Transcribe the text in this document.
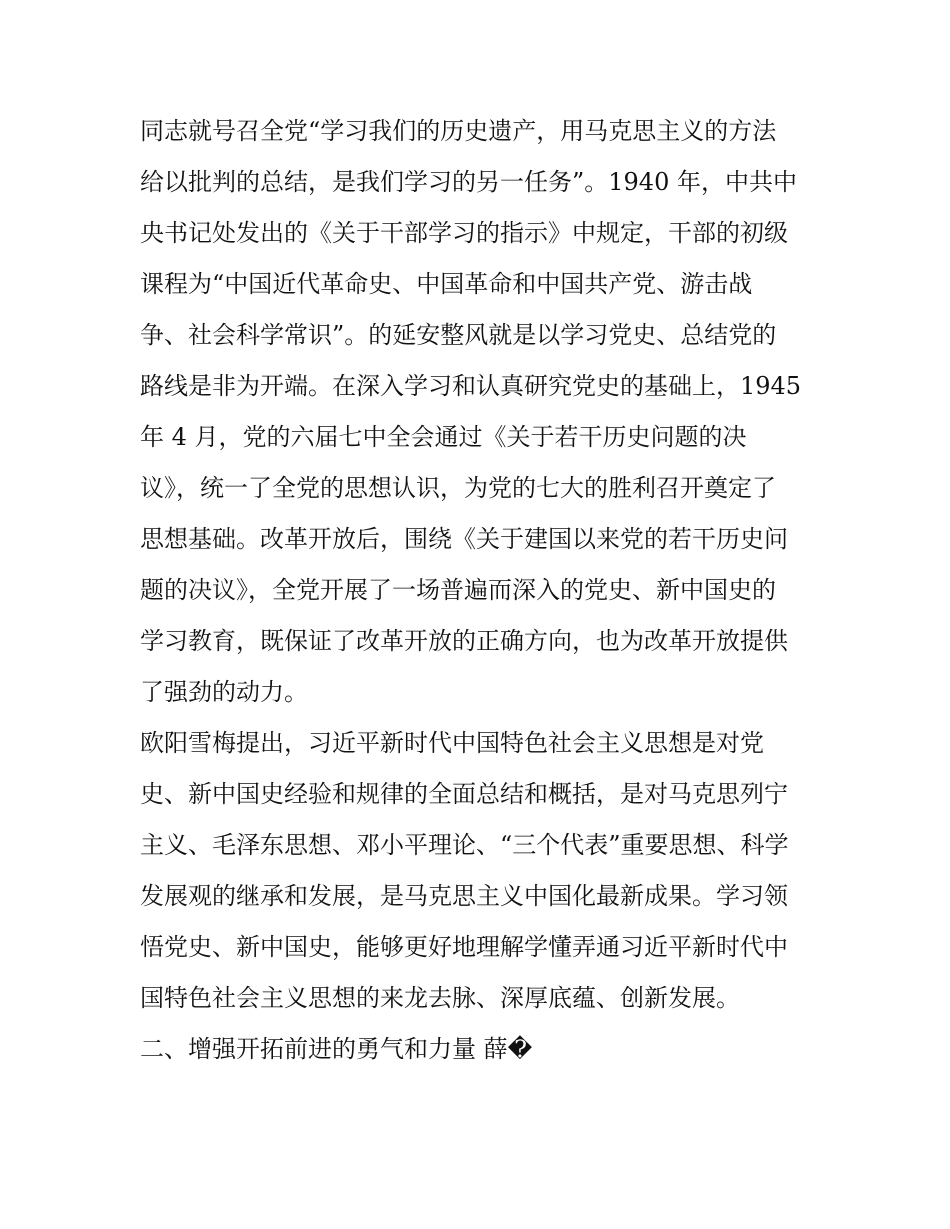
同志就号召全党“学习我们的历史遗产，用马克思主义的方法

给以批判的总结，是我们学习的另一任务”。1940 年，中共中

央书记处发出的《关于干部学习的指示》中规定，干部的初级

课程为“中国近代革命史、中国革命和中国共产党、游击战

争、社会科学常识”。的延安整风就是以学习党史、总结党的

路线是非为开端。在深入学习和认真研究党史的基础上，1945

年 4 月，党的六届七中全会通过《关于若干历史问题的决

议》，统一了全党的思想认识，为党的七大的胜利召开奠定了

思想基础。改革开放后，围绕《关于建国以来党的若干历史问

题的决议》，全党开展了一场普遍而深入的党史、新中国史的

学习教育，既保证了改革开放的正确方向，也为改革开放提供

了强劲的动力。

欧阳雪梅提出，习近平新时代中国特色社会主义思想是对党

史、新中国史经验和规律的全面总结和概括，是对马克思列宁

主义、毛泽东思想、邓小平理论、“三个代表”重要思想、科学

发展观的继承和发展，是马克思主义中国化最新成果。学习领

悟党史、新中国史，能够更好地理解学懂弄通习近平新时代中

国特色社会主义思想的来龙去脉、深厚底蕴、创新发展。

二、增强开拓前进的勇气和力量 薛�
